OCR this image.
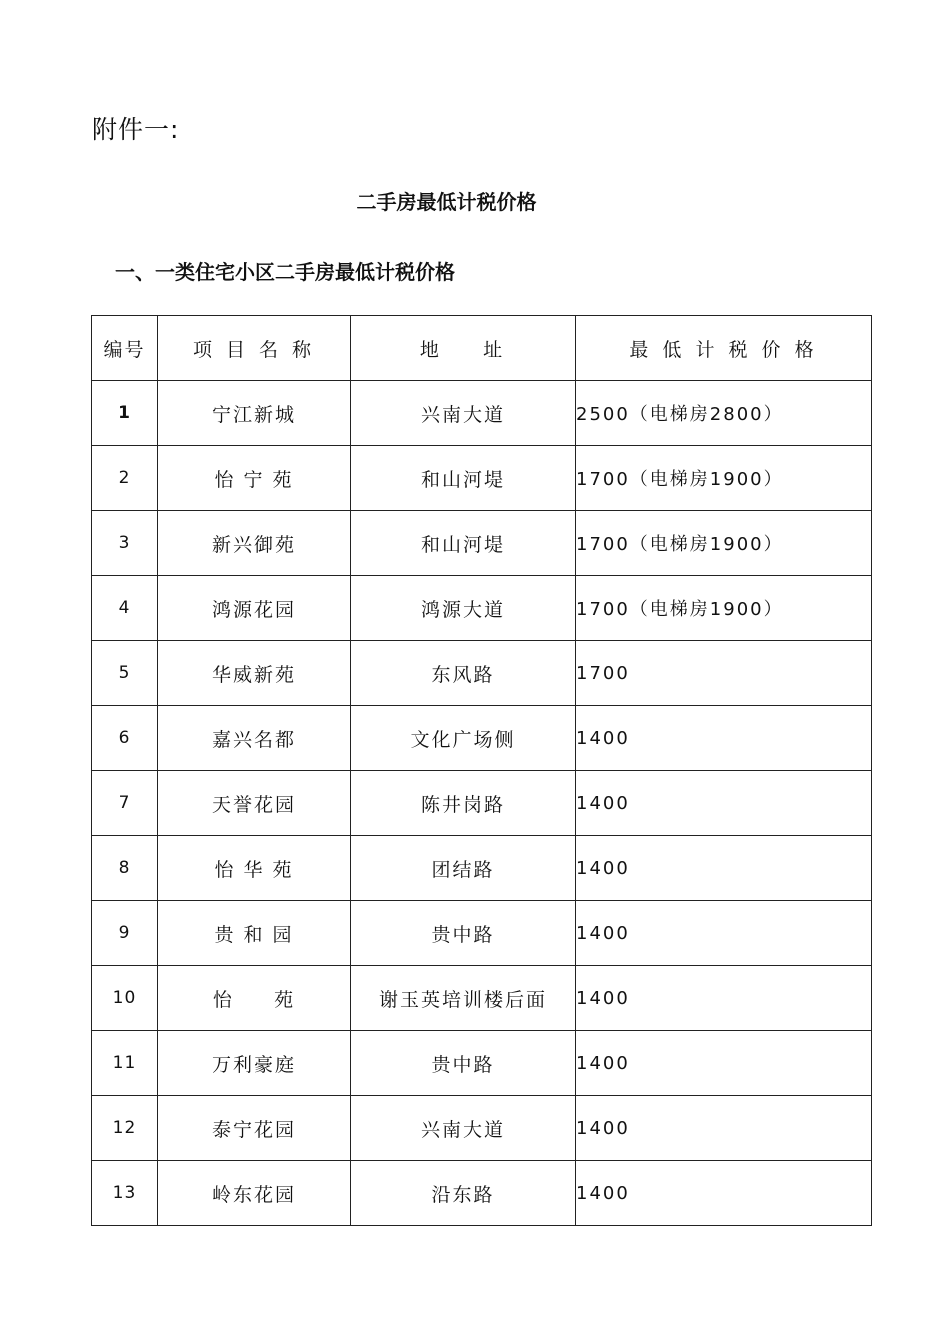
附件一:
二手房最低计税价格
一、一类住宅小区二手房最低计税价格
编号	项 目 名 称	地    址	最 低 计 税 价 格
1	宁江新城	兴南大道	2500（电梯房2800）
2	怡 宁 苑	和山河堤	1700（电梯房1900）
3	新兴御苑	和山河堤	1700（电梯房1900）
4	鸿源花园	鸿源大道	1700（电梯房1900）
5	华威新苑	东风路	1700
6	嘉兴名都	文化广场侧	1400
7	天誉花园	陈井岗路	1400
8	怡 华 苑	团结路	1400
9	贵 和 园	贵中路	1400
10	怡     苑	谢玉英培训楼后面	1400
11	万利豪庭	贵中路	1400
12	泰宁花园	兴南大道	1400
13	岭东花园	沿东路	1400
